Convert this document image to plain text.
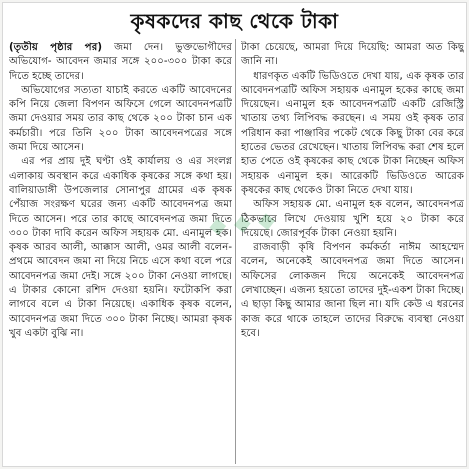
কৃষকদের কাছ থেকে টাকা

(তৃতীয় পৃষ্ঠার পর) জমা দেন। ভুক্তভোগীদের অভিযোগ- আবেদন জমার সঙ্গে ২০০-৩০০ টাকা করে দিতে হচ্ছে তাদের।

অভিযোগের সত্যতা যাচাই করতে একটি আবেদনের কপি নিয়ে জেলা বিপণন অফিসে গেলে আবেদনপত্রটি জমা দেওয়ার সময় তার কাছ থেকে ২০০ টাকা চান এক কর্মচারী। পরে তিনি ২০০ টাকা আবেদনপত্রের সঙ্গে জমা দিয়ে আসেন।

এর পর প্রায় দুই ঘণ্টা ওই কার্যালয় ও এর সংলগ্ন এলাকায় অবস্থান করে একাধিক কৃষকের সঙ্গে কথা হয়। বালিয়াডাঙ্গী উপজেলার সোনাপুর গ্রামের এক কৃষক পেঁয়াজ সংরক্ষণ ঘরের জন্য একটি আবেদনপত্র জমা দিতে আসেন। পরে তার কাছে আবেদনপত্র জমা দিতে ৩০০ টাকা দাবি করেন অফিস সহায়ক মো. এনামুল হক। কৃষক আরব আলী, আক্কাস আলী, ওমর আলী বলেন- প্রথমে আবেদন জমা না দিয়ে নিচে এসে কথা বলে পরে আবেদনপত্র জমা দেই। সঙ্গে ২০০ টাকা নেওয়া লাগছে। এ টাকার কোনো রশিদ দেওয়া হয়নি। ফটোকপি করা লাগবে বলে এ টাকা নিয়েছে। একাধিক কৃষক বলেন, আবেদনপত্র জমা দিতে ৩০০ টাকা নিচ্ছে। আমরা কৃষক খুব একটা বুঝি না।

টাকা চেয়েছে, আমরা দিয়ে দিয়েছি: আমরা অত কিছু জানি না।

ধারণকৃত একটি ভিডিওতে দেখা যায়, এক কৃষক তার আবেদনপত্রটি অফিস সহায়ক এনামুল হকের কাছে জমা দিয়েছেন। এনামুল হক আবেদনপত্রটি একটি রেজিস্ট্রি খাতায় তথ্য লিপিবদ্ধ করছেন। এ সময় ওই কৃষক তার পরিধান করা পাঞ্জাবির পকেট থেকে কিছু টাকা বের করে হাতের ভেতর রেখেছেন। খাতায় লিপিবদ্ধ করা শেষ হলে হাত পেতে ওই কৃষকের কাছ থেকে টাকা নিচ্ছেন অফিস সহায়ক এনামুল হক। আরেকটি ভিডিওতে আরেক কৃষকের কাছ থেকেও টাকা নিতে দেখা যায়।

অফিস সহায়ক মো. এনামুল হক বলেন, আবেদনপত্র ঠিকভাবে লিখে দেওয়ায় খুশি হয়ে ২০ টাকা করে দিয়েছে। জোরপূর্বক টাকা নেওয়া হয়নি।

রাজবাড়ী কৃষি বিপণন কর্মকর্তা নাঈম আহম্মেদ বলেন, অনেকেই আবেদনপত্র জমা দিতে আসেন। অফিসের লোকজন দিয়ে অনেকেই আবেদনপত্র লেখাচ্ছেন। এজন্য হয়তো তাদের দুই-একশ টাকা দিচ্ছে। এ ছাড়া কিছু আমার জানা ছিল না। যদি কেউ এ ধরনের কাজ করে থাকে তাহলে তাদের বিরুদ্ধে ব্যবস্থা নেওয়া হবে।

◆ ◆ ◆
